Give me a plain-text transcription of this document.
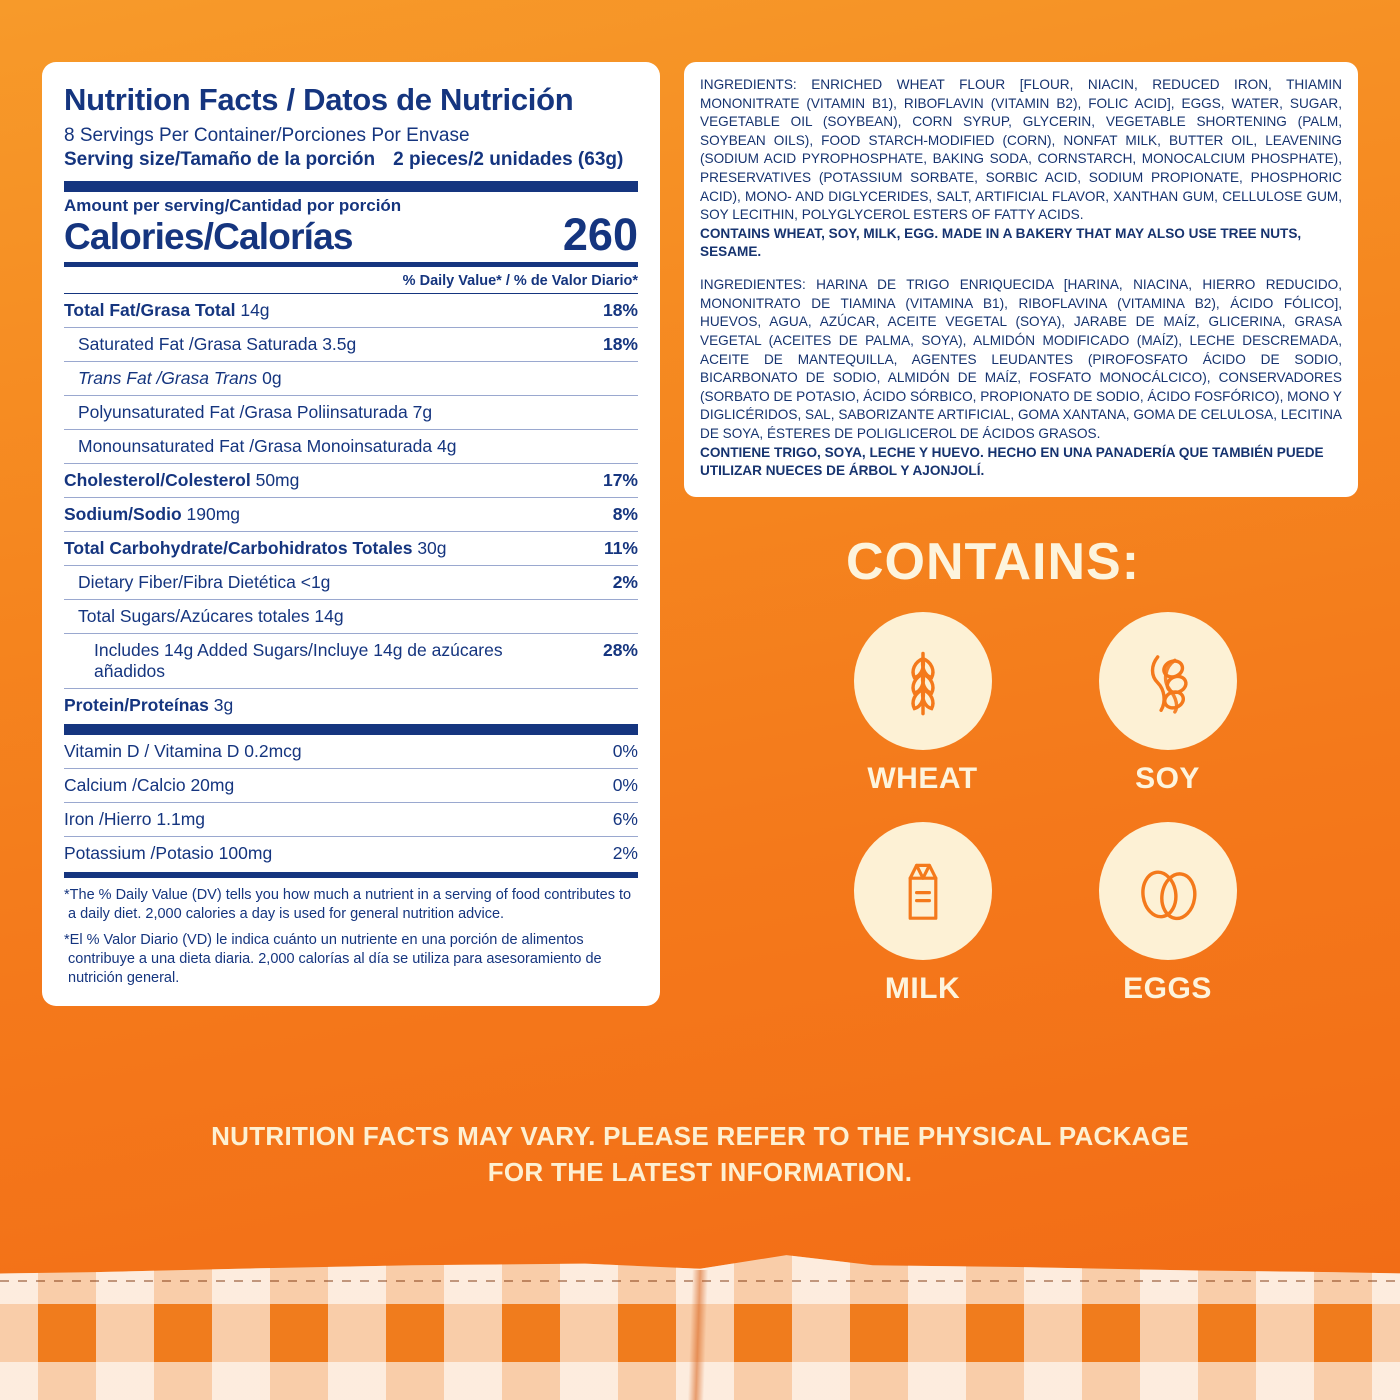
Nutrition Facts / Datos de Nutrición
8 Servings Per Container/Porciones Por Envase
Serving size/Tamaño de la porción 2 pieces/2 unidades (63g)
Amount per serving/Cantidad por porción
Calories/Calorías	260
% Daily Value* / % de Valor Diario*
Total Fat/Grasa Total 14g	18%
Saturated Fat /Grasa Saturada 3.5g	18%
Trans Fat /Grasa Trans 0g	
Polyunsaturated Fat /Grasa Poliinsaturada 7g	
Monounsaturated Fat /Grasa Monoinsaturada 4g	
Cholesterol/Colesterol 50mg	17%
Sodium/Sodio 190mg	8%
Total Carbohydrate/Carbohidratos Totales 30g	11%
Dietary Fiber/Fibra Dietética <1g	2%
Total Sugars/Azúcares totales 14g	
Includes 14g Added Sugars/Incluye 14g de azúcares añadidos	28%
Protein/Proteínas 3g	
Vitamin D / Vitamina D 0.2mcg	0%
Calcium /Calcio 20mg	0%
Iron /Hierro 1.1mg	6%
Potassium /Potasio 100mg	2%
*The % Daily Value (DV) tells you how much a nutrient in a serving of food contributes to a daily diet. 2,000 calories a day is used for general nutrition advice.
*El % Valor Diario (VD) le indica cuánto un nutriente en una porción de alimentos contribuye a una dieta diaria. 2,000 calorías al día se utiliza para asesoramiento de nutrición general.

INGREDIENTS: ENRICHED WHEAT FLOUR [FLOUR, NIACIN, REDUCED IRON, THIAMIN MONONITRATE (VITAMIN B1), RIBOFLAVIN (VITAMIN B2), FOLIC ACID], EGGS, WATER, SUGAR, VEGETABLE OIL (SOYBEAN), CORN SYRUP, GLYCERIN, VEGETABLE SHORTENING (PALM, SOYBEAN OILS), FOOD STARCH-MODIFIED (CORN), NONFAT MILK, BUTTER OIL, LEAVENING (SODIUM ACID PYROPHOSPHATE, BAKING SODA, CORNSTARCH, MONOCALCIUM PHOSPHATE), PRESERVATIVES (POTASSIUM SORBATE, SORBIC ACID, SODIUM PROPIONATE, PHOSPHORIC ACID), MONO- AND DIGLYCERIDES, SALT, ARTIFICIAL FLAVOR, XANTHAN GUM, CELLULOSE GUM, SOY LECITHIN, POLYGLYCEROL ESTERS OF FATTY ACIDS.

CONTAINS WHEAT, SOY, MILK, EGG. MADE IN A BAKERY THAT MAY ALSO USE TREE NUTS, SESAME.

INGREDIENTES: HARINA DE TRIGO ENRIQUECIDA [HARINA, NIACINA, HIERRO REDUCIDO, MONONITRATO DE TIAMINA (VITAMINA B1), RIBOFLAVINA (VITAMINA B2), ÁCIDO FÓLICO], HUEVOS, AGUA, AZÚCAR, ACEITE VEGETAL (SOYA), JARABE DE MAÍZ, GLICERINA, GRASA VEGETAL (ACEITES DE PALMA, SOYA), ALMIDÓN MODIFICADO (MAÍZ), LECHE DESCREMADA, ACEITE DE MANTEQUILLA, AGENTES LEUDANTES (PIROFOSFATO ÁCIDO DE SODIO, BICARBONATO DE SODIO, ALMIDÓN DE MAÍZ, FOSFATO MONOCÁLCICO), CONSERVADORES (SORBATO DE POTASIO, ÁCIDO SÓRBICO, PROPIONATO DE SODIO, ÁCIDO FOSFÓRICO), MONO Y DIGLICÉRIDOS, SAL, SABORIZANTE ARTIFICIAL, GOMA XANTANA, GOMA DE CELULOSA, LECITINA DE SOYA, ÉSTERES DE POLIGLICEROL DE ÁCIDOS GRASOS.

CONTIENE TRIGO, SOYA, LECHE Y HUEVO. HECHO EN UNA PANADERÍA QUE TAMBIÉN PUEDE UTILIZAR NUECES DE ÁRBOL Y AJONJOLÍ.

CONTAINS:
WHEAT	SOY
MILK	EGGS
NUTRITION FACTS MAY VARY. PLEASE REFER TO THE PHYSICAL PACKAGE
FOR THE LATEST INFORMATION.
